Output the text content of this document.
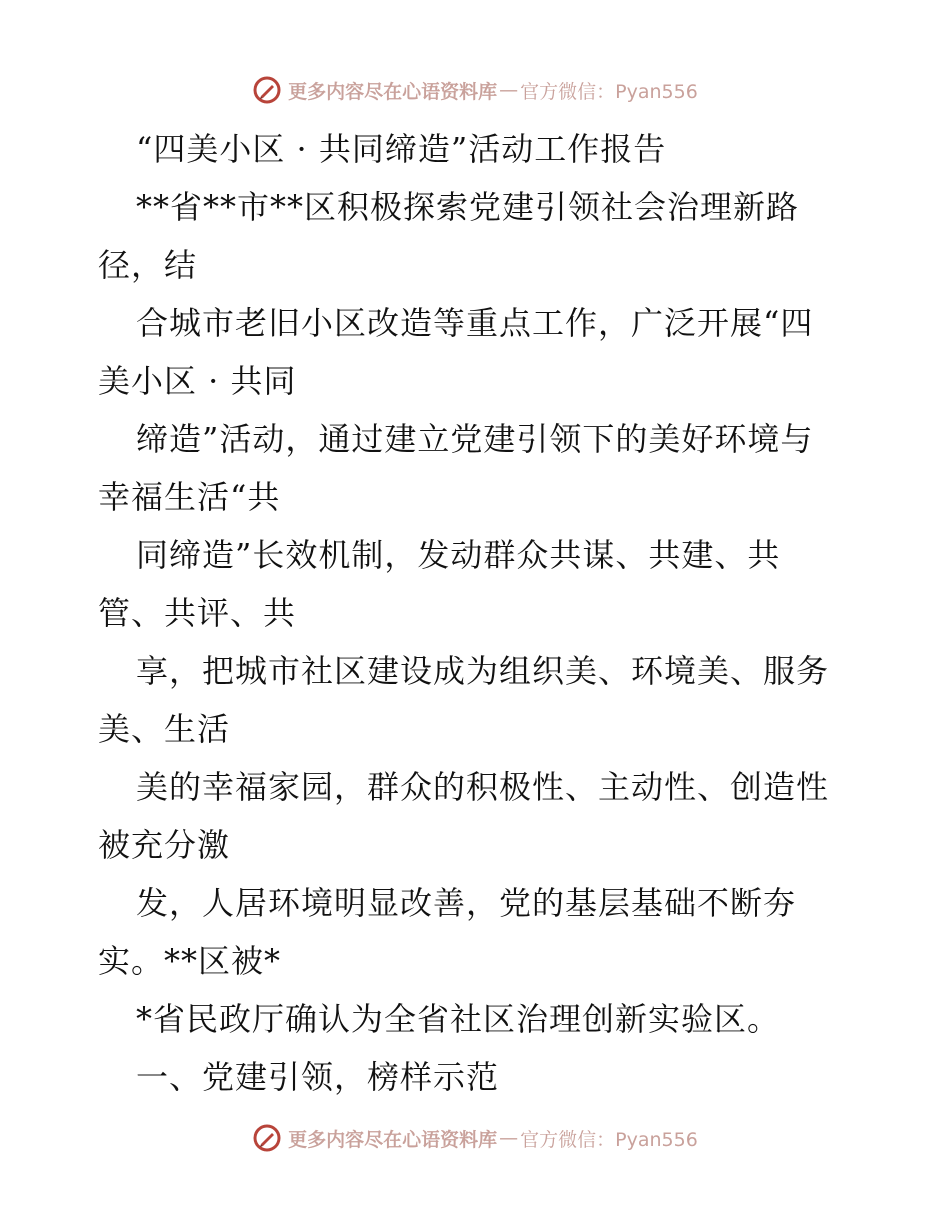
更多内容尽在心语资料库 — 官方微信：Pyan556
“四美小区 · 共同缔造”活动工作报告
**省**市**区积极探索党建引领社会治理新路
径，结
合城市老旧小区改造等重点工作，广泛开展“四
美小区 · 共同
缔造”活动，通过建立党建引领下的美好环境与
幸福生活“共
同缔造”长效机制，发动群众共谋、共建、共
管、共评、共
享，把城市社区建设成为组织美、环境美、服务
美、生活
美的幸福家园，群众的积极性、主动性、创造性
被充分激
发，人居环境明显改善，党的基层基础不断夯
实。**区被*
*省民政厅确认为全省社区治理创新实验区。
一、党建引领，榜样示范
更多内容尽在心语资料库 — 官方微信：Pyan556
